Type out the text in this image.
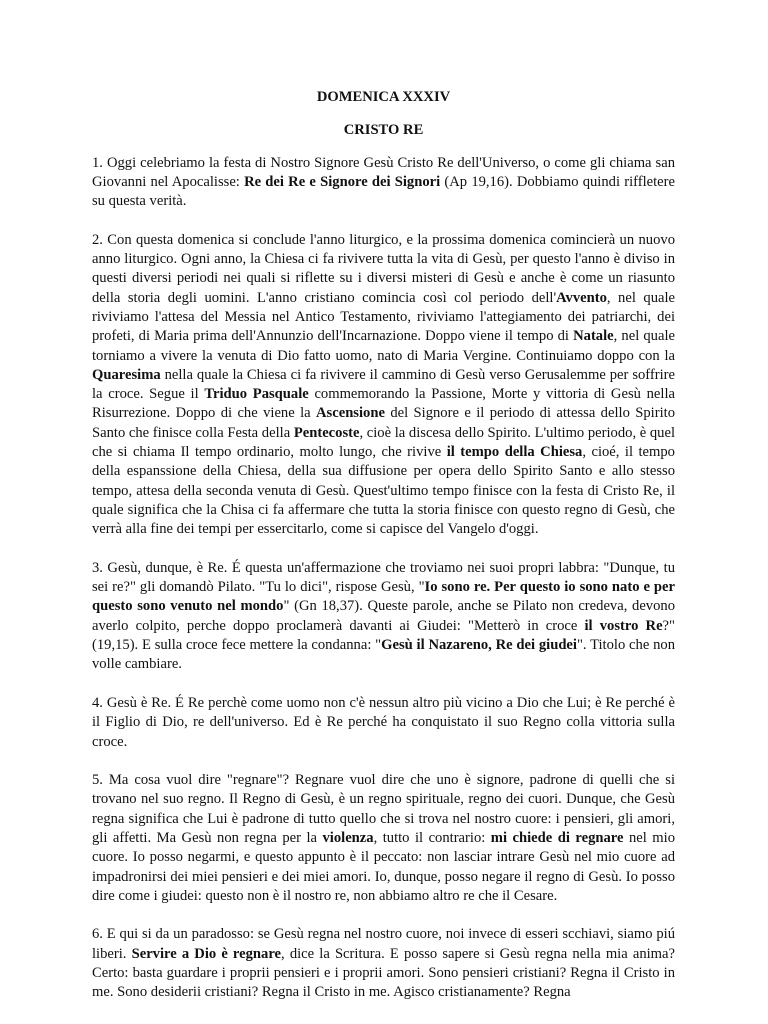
DOMENICA XXXIV
CRISTO RE

1. Oggi celebriamo la festa di Nostro Signore Gesù Cristo Re dell'Universo, o come gli chiama san Giovanni nel Apocalisse: Re dei Re e Signore dei Signori (Ap 19,16). Dobbiamo quindi riffletere su questa verità.

2. Con questa domenica si conclude l'anno liturgico, e la prossima domenica comincierà un nuovo anno liturgico. Ogni anno, la Chiesa ci fa rivivere tutta la vita di Gesù, per questo l'anno è diviso in questi diversi periodi nei quali si riflette su i diversi misteri di Gesù e anche è come un riasunto della storia degli uomini. L'anno cristiano comincia così col periodo dell'Avvento, nel quale riviviamo l'attesa del Messia nel Antico Testamento, riviviamo l'attegiamento dei patriarchi, dei profeti, di Maria prima dell'Annunzio dell'Incarnazione. Doppo viene il tempo di Natale, nel quale torniamo a vivere la venuta di Dio fatto uomo, nato di Maria Vergine. Continuiamo doppo con la Quaresima nella quale la Chiesa ci fa rivivere il cammino di Gesù verso Gerusalemme per soffrire la croce. Segue il Triduo Pasquale commemorando la Passione, Morte y vittoria di Gesù nella Risurrezione. Doppo di che viene la Ascensione del Signore e il periodo di attessa dello Spirito Santo che finisce colla Festa della Pentecoste, cioè la discesa dello Spirito. L'ultimo periodo, è quel che si chiama Il tempo ordinario, molto lungo, che rivive il tempo della Chiesa, cioé, il tempo della espanssione della Chiesa, della sua diffusione per opera dello Spirito Santo e allo stesso tempo, attesa della seconda venuta di Gesù. Quest'ultimo tempo finisce con la festa di Cristo Re, il quale significa che la Chisa ci fa affermare che tutta la storia finisce con questo regno di Gesù, che verrà alla fine dei tempi per essercitarlo, come si capisce del Vangelo d'oggi.

3. Gesù, dunque, è Re. É questa un'affermazione che troviamo nei suoi propri labbra: "Dunque, tu sei re?" gli domandò Pilato. "Tu lo dici", rispose Gesù, "Io sono re. Per questo io sono nato e per questo sono venuto nel mondo" (Gn 18,37). Queste parole, anche se Pilato non credeva, devono averlo colpito, perche doppo proclamerà davanti ai Giudei: "Metterò in croce il vostro Re?" (19,15). E sulla croce fece mettere la condanna: "Gesù il Nazareno, Re dei giudei". Titolo che non volle cambiare.

4. Gesù è Re. É Re perchè come uomo non c'è nessun altro più vicino a Dio che Lui; è Re perché è il Figlio di Dio, re dell'universo. Ed è Re perché ha conquistato il suo Regno colla vittoria sulla croce.

5. Ma cosa vuol dire "regnare"? Regnare vuol dire che uno è signore, padrone di quelli che si trovano nel suo regno. Il Regno di Gesù, è un regno spirituale, regno dei cuori. Dunque, che Gesù regna significa che Lui è padrone di tutto quello che si trova nel nostro cuore: i pensieri, gli amori, gli affetti. Ma Gesù non regna per la violenza, tutto il contrario: mi chiede di regnare nel mio cuore. Io posso negarmi, e questo appunto è il peccato: non lasciar intrare Gesù nel mio cuore ad impadronirsi dei miei pensieri e dei miei amori. Io, dunque, posso negare il regno di Gesù. Io posso dire come i giudei: questo non è il nostro re, non abbiamo altro re che il Cesare.

6. E qui si da un paradosso: se Gesù regna nel nostro cuore, noi invece di esseri scchiavi, siamo piú liberi. Servire a Dio è regnare, dice la Scritura. E posso sapere si Gesù regna nella mia anima? Certo: basta guardare i proprii pensieri e i proprii amori. Sono pensieri cristiani? Regna il Cristo in me. Sono desiderii cristiani? Regna il Cristo in me. Agisco cristianamente? Regna
